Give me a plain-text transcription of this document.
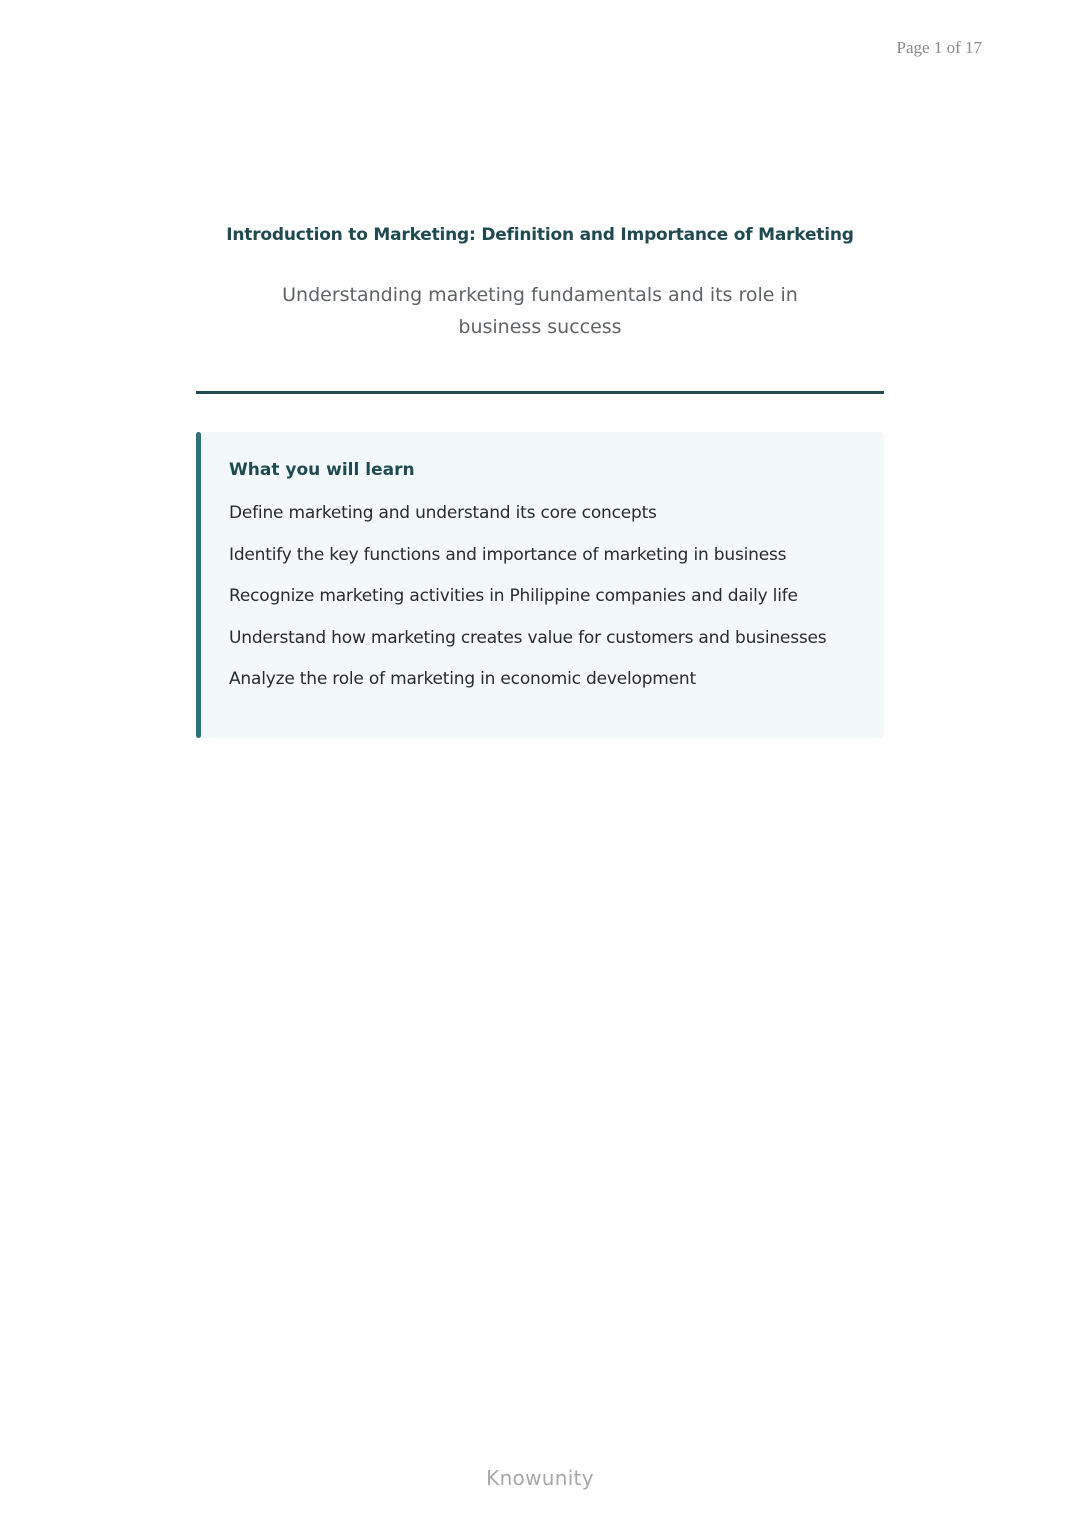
Page 1 of 17
Introduction to Marketing: Definition and Importance of Marketing
Understanding marketing fundamentals and its role in business success
What you will learn
Define marketing and understand its core concepts
Identify the key functions and importance of marketing in business
Recognize marketing activities in Philippine companies and daily life
Understand how marketing creates value for customers and businesses
Analyze the role of marketing in economic development
Knowunity
